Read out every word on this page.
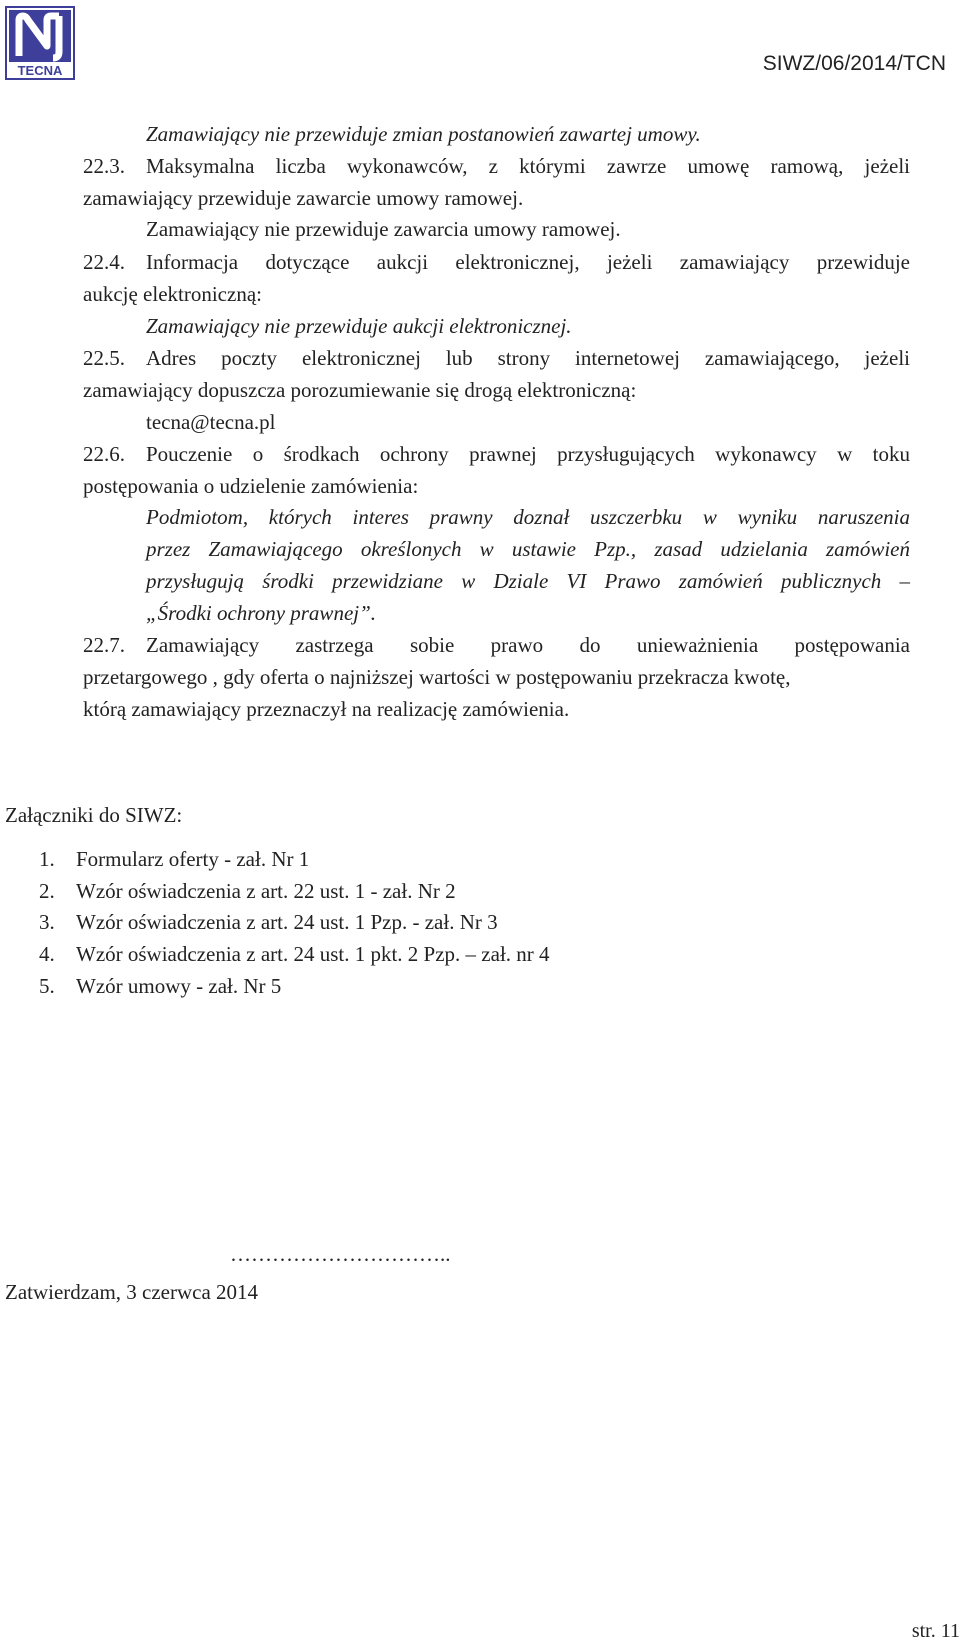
TECNA	SIWZ/06/2014/TCN
Zamawiający nie przewiduje zmian postanowień zawartej umowy.
22.3. Maksymalna liczba wykonawców, z którymi zawrze umowę ramową, jeżeli
zamawiający przewiduje zawarcie umowy ramowej.
Zamawiający nie przewiduje zawarcia umowy ramowej.
22.4. Informacja dotyczące aukcji elektronicznej, jeżeli zamawiający przewiduje
aukcję elektroniczną:
Zamawiający nie przewiduje aukcji elektronicznej.
22.5. Adres poczty elektronicznej lub strony internetowej zamawiającego, jeżeli
zamawiający dopuszcza porozumiewanie się drogą elektroniczną:
tecna@tecna.pl
22.6. Pouczenie o środkach ochrony prawnej przysługujących wykonawcy w toku
postępowania o udzielenie zamówienia:
Podmiotom, których interes prawny doznał uszczerbku w wyniku naruszenia
przez Zamawiającego określonych w ustawie Pzp., zasad udzielania zamówień
przysługują środki przewidziane w Dziale VI Prawo zamówień publicznych –
„Środki ochrony prawnej”.
22.7. Zamawiający zastrzega sobie prawo do unieważnienia postępowania
przetargowego , gdy oferta o najniższej wartości w postępowaniu przekracza kwotę,
którą zamawiający przeznaczył na realizację zamówienia.
Załączniki do SIWZ:
1. Formularz oferty - zał. Nr 1
2. Wzór oświadczenia z art. 22 ust. 1 - zał. Nr 2
3. Wzór oświadczenia z art. 24 ust. 1 Pzp. - zał. Nr 3
4. Wzór oświadczenia z art. 24 ust. 1 pkt. 2 Pzp. – zał. nr 4
5. Wzór umowy - zał. Nr 5
…………………………..
Zatwierdzam, 3 czerwca 2014
str. 11
